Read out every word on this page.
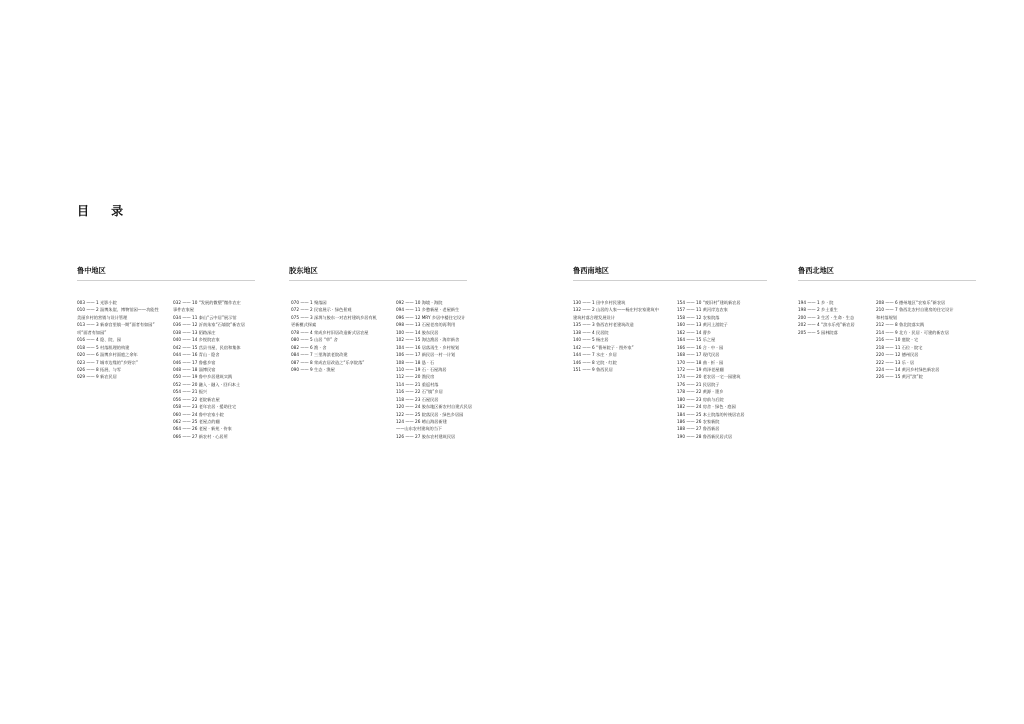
目 录
鲁中地区	胶东地区	鲁西南地区	鲁西北地区
003 —— 1 光影小院
010 —— 2 淄博朱崖、博物馆园——功能性
美丽乡村的营销与设计管理
013 —— 3 新泰宫里镇一期“面者有如园”
项“面者有如园”
016 —— 4 隐、院、园
018 —— 5 村落肌理的构建
020 —— 6 淄博乡村面庭之余年
023 —— 7 城市边缘的“乡野宗”
026 —— 8 拓展、与零
029 —— 9 新农民居
032 —— 10 “发展的微塑”微作农庄
事件农家屋
034 —— 11 泰山“云中居”展示馆
036 —— 12 沂南朱家“石墙院”新农居
038 —— 13 陌路深庄
040 —— 14 乡悦院农家
042 —— 15 莒县书屋、民宿和集体
044 —— 16 青山 · 隐舍
046 —— 17 鲁慈乡宿
048 —— 18 淄博民宿
050 —— 19 鲁中乡居建筑实践
052 —— 20 融入 · 融入 · 回归本土
054 —— 21 振兴
056 —— 22 老院新农屋
058 —— 23 老年农居 · 援助住宅
060 —— 24 鲁中农家小院
062 —— 25 老屋点的翻
064 —— 26 老屋 · 新苑 · 侍家
066 —— 27 新农村 · 心居所
070 —— 1 聚落园
072 —— 2 民宿展示 · 绿色景观
075 —— 3 深圳与胶东一对农村建筑乡居有机
更新模式探索
078 —— 4 荣成乡村旧居改造新式居农屋
080 —— 5 山居 “草” 舍
082 —— 6 渔 · 舍
084 —— 7 三里海滨老院改建
087 —— 8 荣成农居改造之“乐享院落”
090 —— 9 生态 · 渔屋
092 —— 10 海境 · 海院
094 —— 11 乡愁新屋 · 老屋新生
096 —— 12 MRY 乡居中楼住宅设计
098 —— 13 石屋老房的再利用
100 —— 14 胶东民居
102 —— 15 海边渔居 · 海岸新舍
104 —— 16 居落再生 · 乡村规划
106 —— 17 新民居一村一计划
108 —— 18 悬 · 石
110 —— 19 石 · 石屋海居
112 —— 20 渔民房
114 —— 21 重返村落
116 —— 22 石“镇”乡居
118 —— 23 石屋民居
120 —— 24 胶东地区新农村自建式民居
122 —— 25 院落民居 · 绿色乡居园
124 —— 26 崂山海居新建
——山东农村建筑的当下
126 —— 27 胶东农村建筑民居
130 —— 1 田中乡村民建筑
132 —— 2 山居的人家——杨庄村农家建筑中
建筑村落合理发展设计
135 —— 3 鲁西农村老建筑改造
138 —— 4 民居院
140 —— 5 杨庄居
142 —— 6 “曹州院子 · 图外家”
144 —— 7 水庄 · 乡居
146 —— 8 宅院 · 红院
151 —— 9 鲁西民居
154 —— 10 “废旧村”建筑新农居
157 —— 11 黄河岸边农家
158 —— 12 农家院落
160 —— 13 黄河上游院子
162 —— 14 曹乡
164 —— 15 乐之屋
166 —— 16 合 · 中 · 园
168 —— 17 现代民居
170 —— 18 曲 · 折 · 园
172 —— 19 荷泽老屋翻
174 —— 20 老农居一宅一园建筑
176 —— 21 民居院子
178 —— 22 黄源 · 墨乡
180 —— 23 房前与后院
182 —— 24 房舍 · 绿色 · 庭园
184 —— 25 本土院落的传统居农居
186 —— 26 农家新院
188 —— 27 鲁西新居
190 —— 28 鲁西新民居式居
194 —— 1 乡 · 院
198 —— 2 乡土重生
200 —— 3 生活 · 生命 · 生态
202 —— 4 “滨水乐苑”新农居
205 —— 5 园林院落
208 —— 6 德州地区“农家乐”新农居
210 —— 7 鲁西北农村自建房的住宅设计
和村落规划
212 —— 8 鲁北院落实践
214 —— 9 北方 · 民居 · 可建的新农居
216 —— 10 庭院 · 宅
218 —— 11 石位 · 院宅
220 —— 12 德州民居
222 —— 13 乐 · 居
224 —— 14 黄河乡村绿色新农居
226 —— 15 黄河“滨”院
